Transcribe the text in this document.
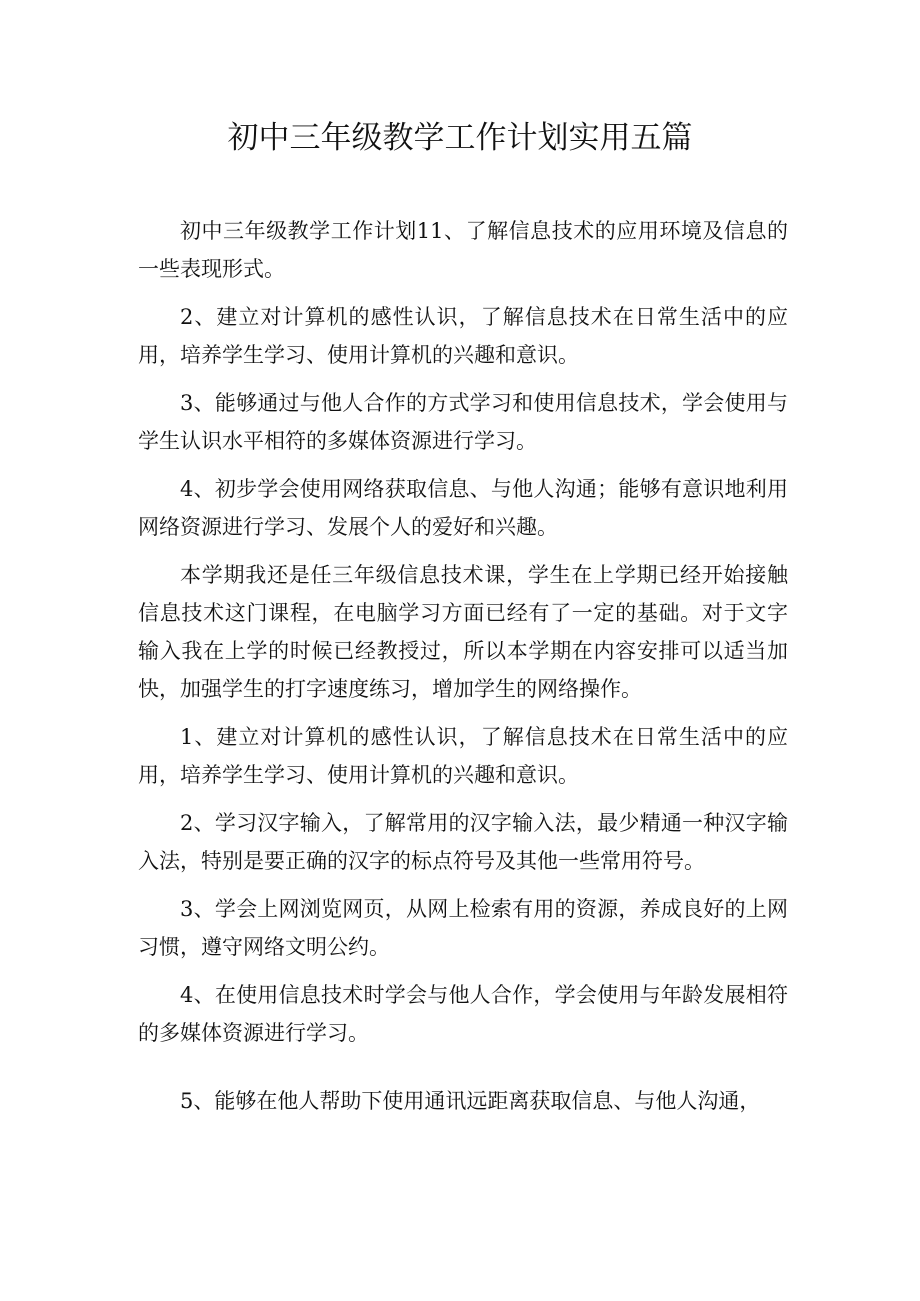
初中三年级教学工作计划实用五篇

初中三年级教学工作计划11、了解信息技术的应用环境及信息的一些表现形式。

2、建立对计算机的感性认识，了解信息技术在日常生活中的应用，培养学生学习、使用计算机的兴趣和意识。

3、能够通过与他人合作的方式学习和使用信息技术，学会使用与学生认识水平相符的多媒体资源进行学习。

4、初步学会使用网络获取信息、与他人沟通；能够有意识地利用网络资源进行学习、发展个人的爱好和兴趣。

本学期我还是任三年级信息技术课，学生在上学期已经开始接触信息技术这门课程，在电脑学习方面已经有了一定的基础。对于文字输入我在上学的时候已经教授过，所以本学期在内容安排可以适当加快，加强学生的打字速度练习，增加学生的网络操作。

1、建立对计算机的感性认识，了解信息技术在日常生活中的应用，培养学生学习、使用计算机的兴趣和意识。

2、学习汉字输入，了解常用的汉字输入法，最少精通一种汉字输入法，特别是要正确的汉字的标点符号及其他一些常用符号。

3、学会上网浏览网页，从网上检索有用的资源，养成良好的上网习惯，遵守网络文明公约。

4、在使用信息技术时学会与他人合作，学会使用与年龄发展相符的多媒体资源进行学习。

5、能够在他人帮助下使用通讯远距离获取信息、与他人沟通，
